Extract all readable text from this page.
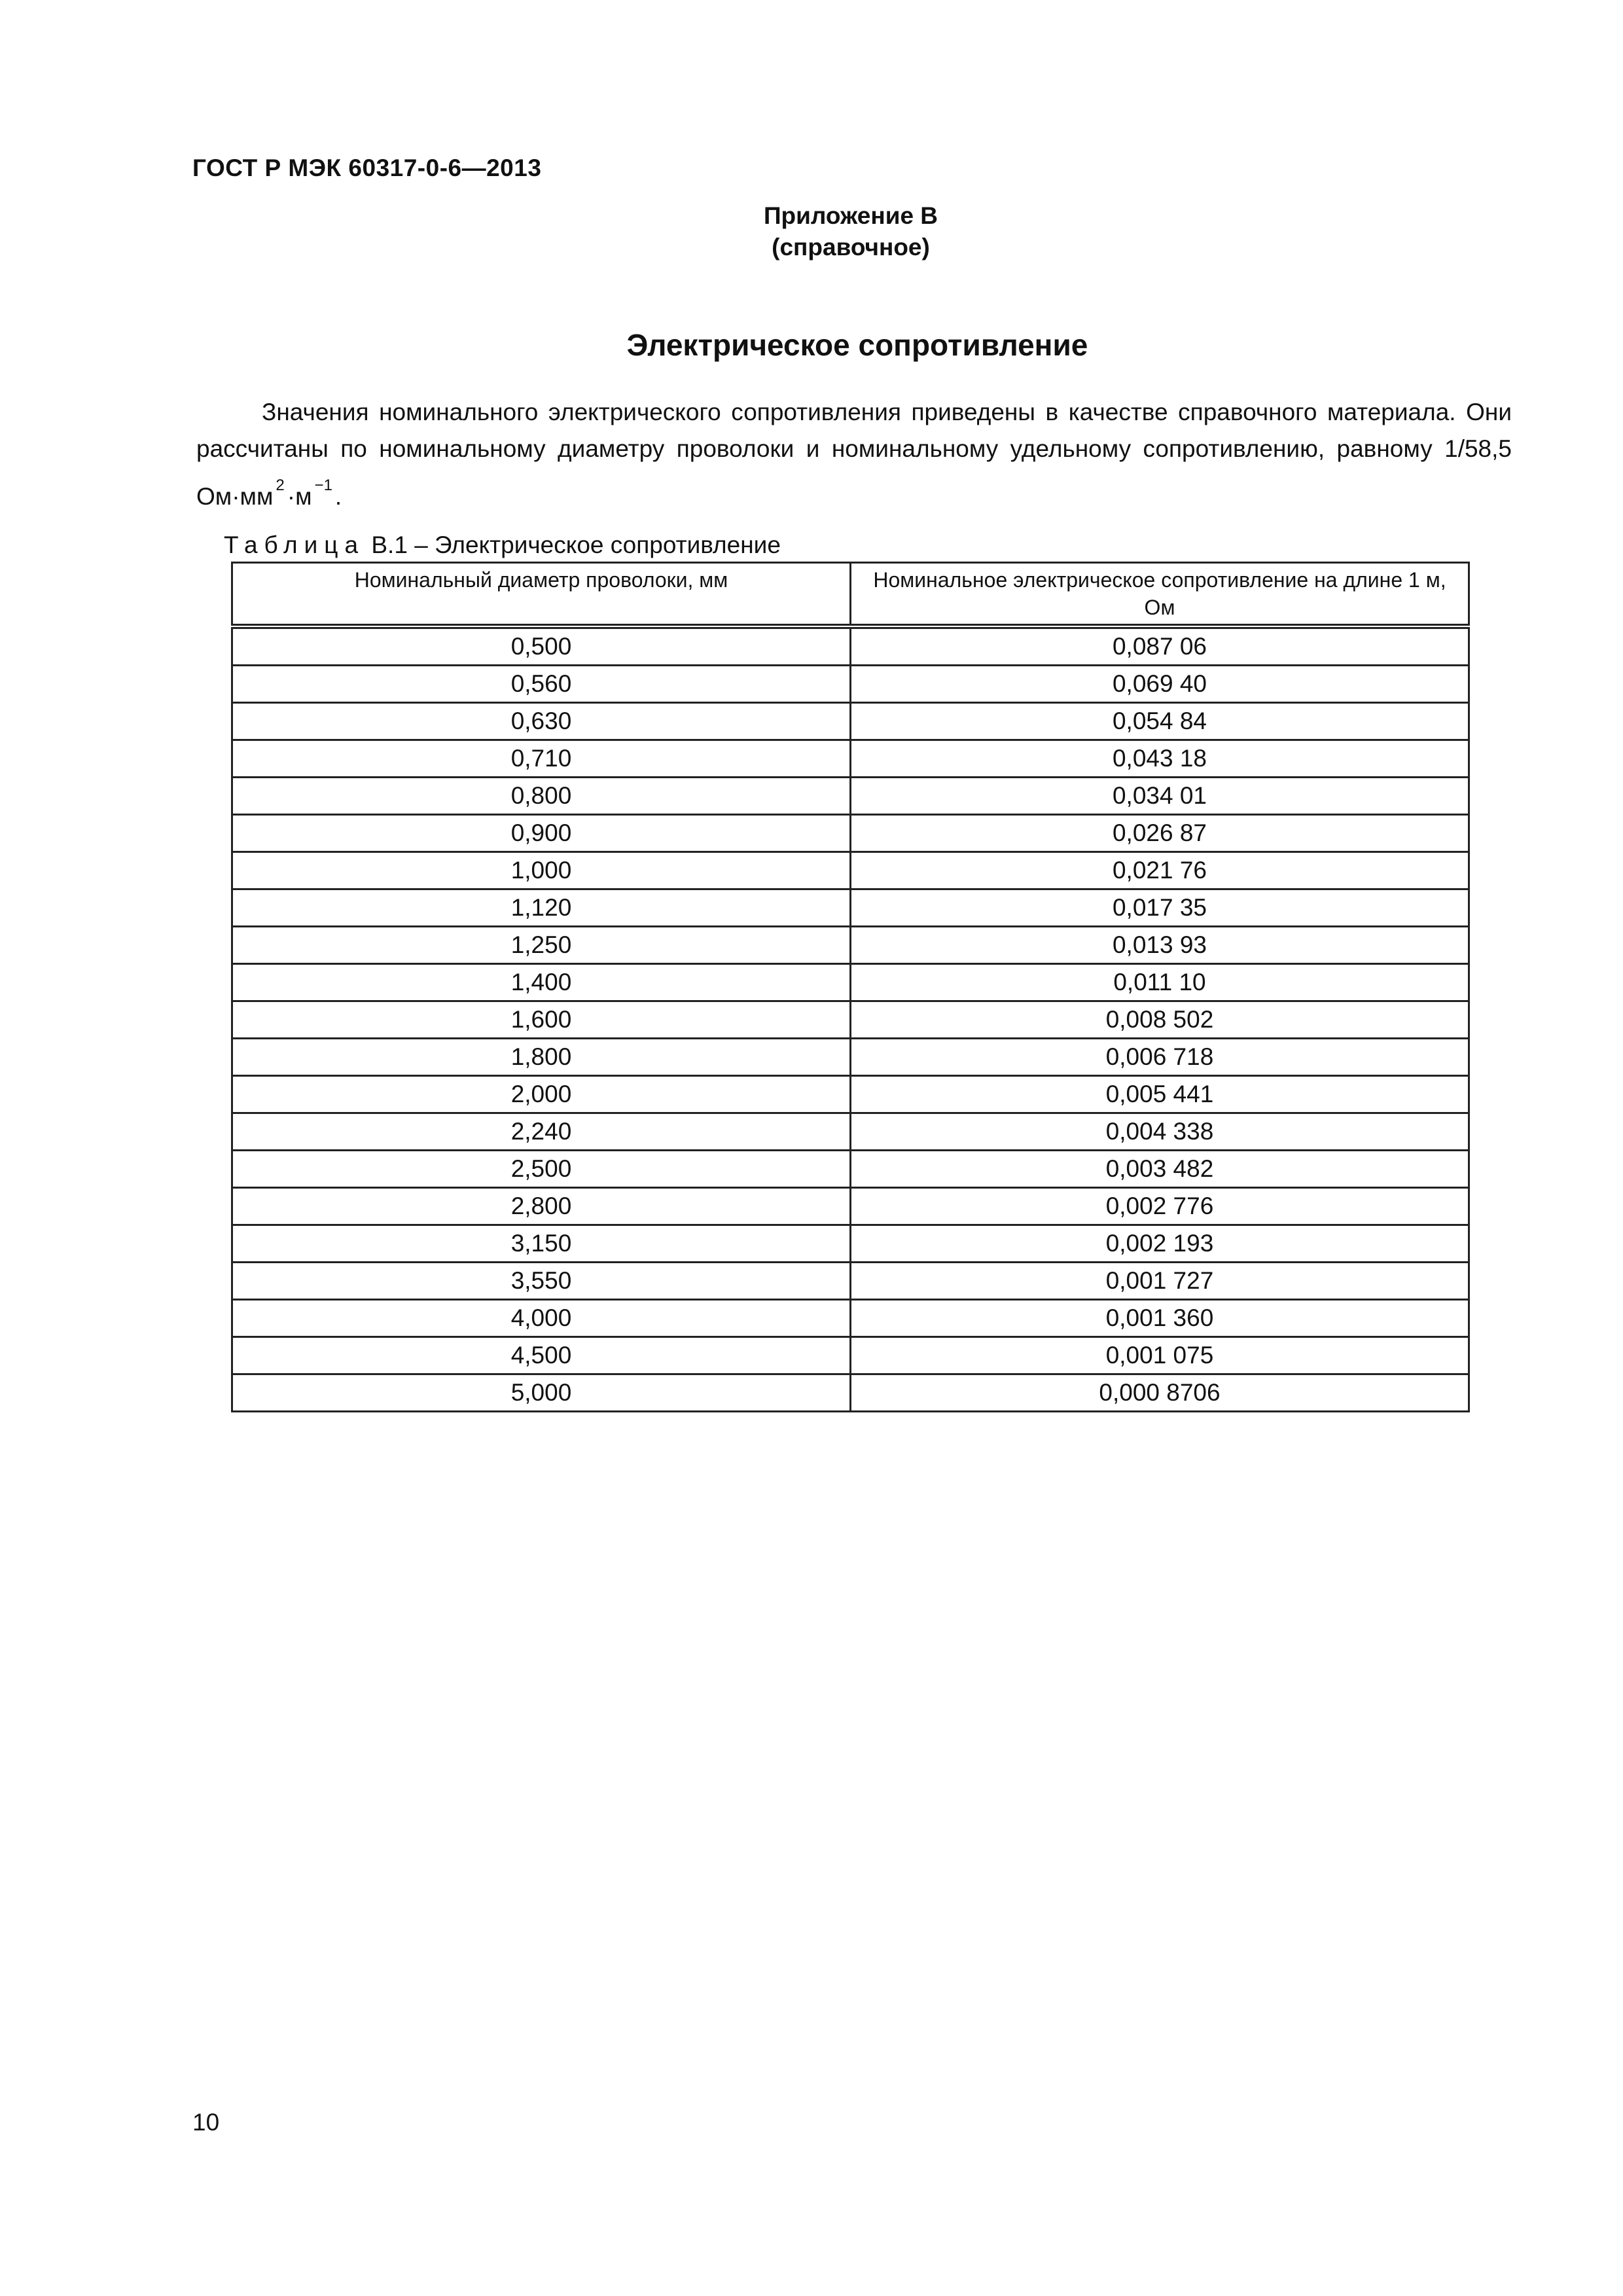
ГОСТ Р МЭК 60317-0-6—2013
Приложение В
(справочное)
Электрическое сопротивление

Значения номинального электрического сопротивления приведены в качестве справочного материала. Они рассчитаны по номинальному диаметру проволоки и номинальному удельному сопротивлению, равному 1/58,5 Ом·мм $^2$ ·м $^{-1}$ .

Таблица В.1 – Электрическое сопротивление
Номинальный диаметр проволоки, мм	Номинальное электрическое сопротивление на длине 1 м, Ом
0,500	0,087 06
0,560	0,069 40
0,630	0,054 84
0,710	0,043 18
0,800	0,034 01
0,900	0,026 87
1,000	0,021 76
1,120	0,017 35
1,250	0,013 93
1,400	0,011 10
1,600	0,008 502
1,800	0,006 718
2,000	0,005 441
2,240	0,004 338
2,500	0,003 482
2,800	0,002 776
3,150	0,002 193
3,550	0,001 727
4,000	0,001 360
4,500	0,001 075
5,000	0,000 8706
10
